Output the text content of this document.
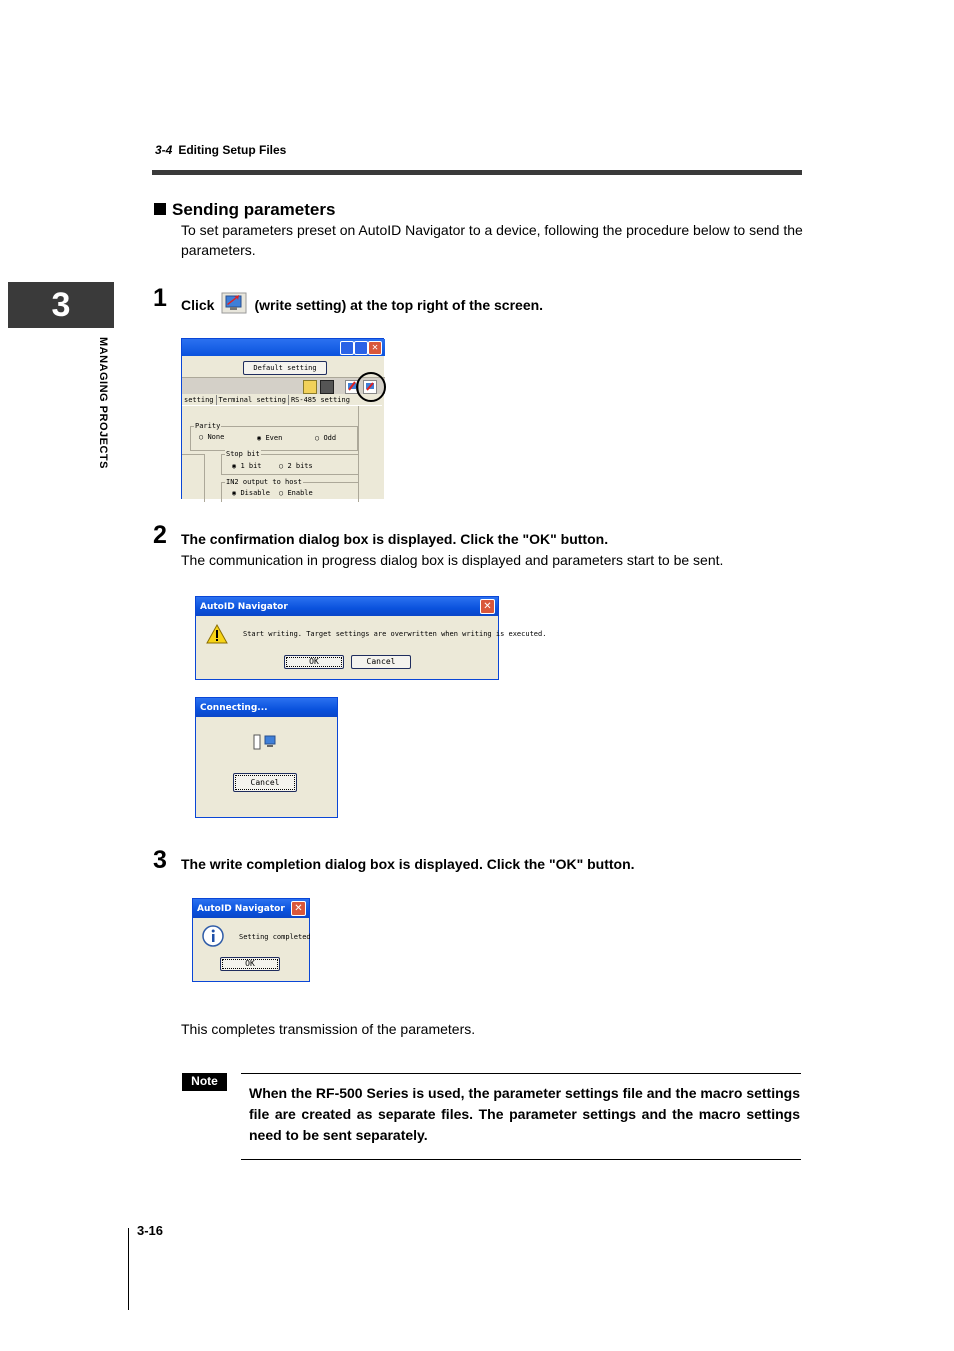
3-4 Editing Setup Files
3
MANAGING PROJECTS
Sending parameters
To set parameters preset on AutoID Navigator to a device, following the procedure below to send the parameters.
1 Click	(write setting) at the top right of the screen.
✕
Default setting
setting Terminal setting RS-485 setting
Parity
○ None	◉ Even	○ Odd
Stop bit
◉ 1 bit ○ 2 bits
IN2 output to host
◉ Disable ○ Enable
2 The confirmation dialog box is displayed. Click the "OK" button.
The communication in progress dialog box is displayed and parameters start to be sent.
AutoID Navigator	✕
Start writing. Target settings are overwritten when writing is executed.
OK	Cancel
Connecting...
Cancel
3 The write completion dialog box is displayed. Click the "OK" button.
AutoID Navigator ✕
Setting completed
OK
This completes transmission of the parameters.
Note
When the RF-500 Series is used, the parameter settings file and the macro settings file are created as separate files. The parameter settings and the macro settings need to be sent separately.
3-16
